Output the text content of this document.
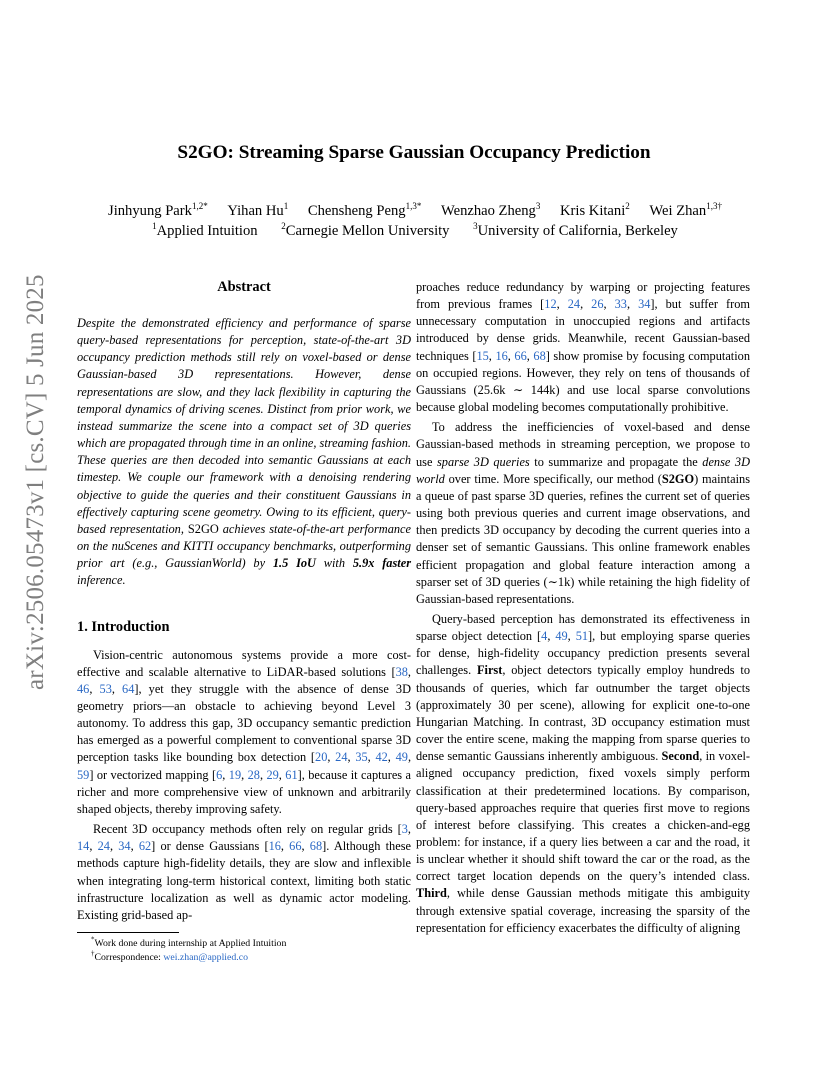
arXiv:2506.05473v1 [cs.CV] 5 Jun 2025
S2GO: Streaming Sparse Gaussian Occupancy Prediction
Jinhyung Park$^{1,2*}$ Yihan Hu$^1$ Chensheng Peng$^{1,3*}$ Wenzhao Zheng$^3$ Kris Kitani$^2$ Wei Zhan$^{1,3\dagger}$
$^1$Applied Intuition	$^2$Carnegie Mellon University	$^3$University of California, Berkeley
Abstract

Despite the demonstrated efficiency and performance of sparse query-based representations for perception, state-of-the-art 3D occupancy prediction methods still rely on voxel-based or dense Gaussian-based 3D representations. However, dense representations are slow, and they lack flexibility in capturing the temporal dynamics of driving scenes. Distinct from prior work, we instead summarize the scene into a compact set of 3D queries which are propagated through time in an online, streaming fashion. These queries are then decoded into semantic Gaussians at each timestep. We couple our framework with a denoising rendering objective to guide the queries and their constituent Gaussians in effectively capturing scene geometry. Owing to its efficient, query-based representation, S2GO achieves state-of-the-art performance on the nuScenes and KITTI occupancy benchmarks, outperforming prior art (e.g., GaussianWorld) by 1.5 IoU with 5.9x faster inference.

1. Introduction

Vision-centric autonomous systems provide a more cost-effective and scalable alternative to LiDAR-based solutions [38, 46, 53, 64], yet they struggle with the absence of dense 3D geometry priors—an obstacle to achieving beyond Level 3 autonomy. To address this gap, 3D occupancy semantic prediction has emerged as a powerful complement to conventional sparse 3D perception tasks like bounding box detection [20, 24, 35, 42, 49, 59] or vectorized mapping [6, 19, 28, 29, 61], because it captures a richer and more comprehensive view of unknown and arbitrarily shaped objects, thereby improving safety.

Recent 3D occupancy methods often rely on regular grids [3, 14, 24, 34, 62] or dense Gaussians [16, 66, 68]. Although these methods capture high-fidelity details, they are slow and inflexible when integrating long-term historical context, limiting both static infrastructure localization as well as dynamic actor modeling. Existing grid-based ap-

proaches reduce redundancy by warping or projecting features from previous frames [12, 24, 26, 33, 34], but suffer from unnecessary computation in unoccupied regions and artifacts introduced by dense grids. Meanwhile, recent Gaussian-based techniques [15, 16, 66, 68] show promise by focusing computation on occupied regions. However, they rely on tens of thousands of Gaussians (25.6k ∼ 144k) and use local sparse convolutions because global modeling becomes computationally prohibitive.

To address the inefficiencies of voxel-based and dense Gaussian-based methods in streaming perception, we propose to use sparse 3D queries to summarize and propagate the dense 3D world over time. More specifically, our method (S2GO) maintains a queue of past sparse 3D queries, refines the current set of queries using both previous queries and current image observations, and then predicts 3D occupancy by decoding the current queries into a denser set of semantic Gaussians. This online framework enables efficient propagation and global feature interaction among a sparser set of 3D queries (∼1k) while retaining the high fidelity of Gaussian-based representations.

Query-based perception has demonstrated its effectiveness in sparse object detection [4, 49, 51], but employing sparse queries for dense, high-fidelity occupancy prediction presents several challenges. First, object detectors typically employ hundreds to thousands of queries, which far outnumber the target objects (approximately 30 per scene), allowing for explicit one-to-one Hungarian Matching. In contrast, 3D occupancy estimation must cover the entire scene, making the mapping from sparse queries to dense semantic Gaussians inherently ambiguous. Second, in voxel-aligned occupancy prediction, fixed voxels simply perform classification at their predetermined locations. By comparison, query-based approaches require that queries first move to regions of interest before classifying. This creates a chicken-and-egg problem: for instance, if a query lies between a car and the road, it is unclear whether it should shift toward the car or the road, as the correct target location depends on the query’s intended class. Third, while dense Gaussian methods mitigate this ambiguity through extensive spatial coverage, increasing the sparsity of the representation for efficiency exacerbates the difficulty of aligning

*Work done during internship at Applied Intuition
†Correspondence: wei.zhan@applied.co
